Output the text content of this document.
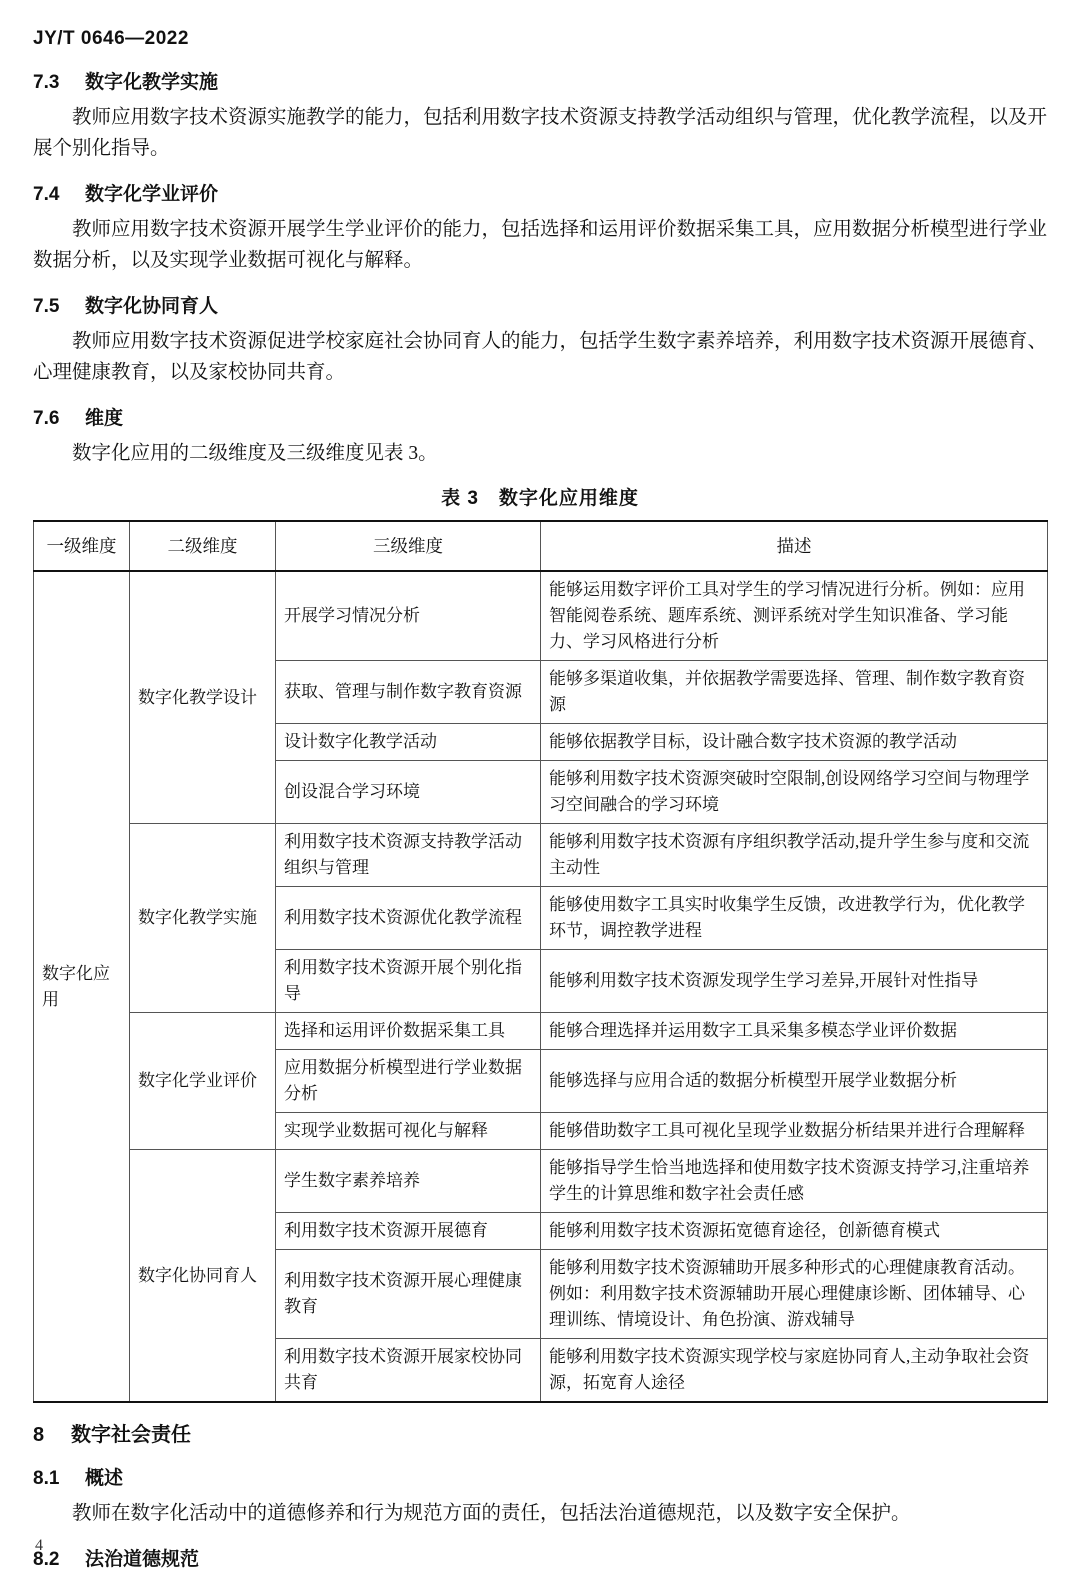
JY/T 0646—2022
7.3 数字化教学实施

教师应用数字技术资源实施教学的能力，包括利用数字技术资源支持教学活动组织与管理，优化教学流程，以及开展个别化指导。

7.4 数字化学业评价

教师应用数字技术资源开展学生学业评价的能力，包括选择和运用评价数据采集工具，应用数据分析模型进行学业数据分析，以及实现学业数据可视化与解释。

7.5 数字化协同育人

教师应用数字技术资源促进学校家庭社会协同育人的能力，包括学生数字素养培养，利用数字技术资源开展德育、心理健康教育，以及家校协同共育。

7.6 维度

数字化应用的二级维度及三级维度见表 3。

表 3　数字化应用维度
一级维度	二级维度	三级维度	描述
数字化应用	数字化教学设计	开展学习情况分析	能够运用数字评价工具对学生的学习情况进行分析。例如：应用智能阅卷系统、题库系统、测评系统对学生知识准备、学习能力、学习风格进行分析
		获取、管理与制作数字教育资源	能够多渠道收集，并依据教学需要选择、管理、制作数字教育资源
		设计数字化教学活动	能够依据教学目标，设计融合数字技术资源的教学活动
		创设混合学习环境	能够利用数字技术资源突破时空限制,创设网络学习空间与物理学习空间融合的学习环境
	数字化教学实施	利用数字技术资源支持教学活动组织与管理	能够利用数字技术资源有序组织教学活动,提升学生参与度和交流主动性
		利用数字技术资源优化教学流程	能够使用数字工具实时收集学生反馈，改进教学行为，优化教学环节，调控教学进程
		利用数字技术资源开展个别化指导	能够利用数字技术资源发现学生学习差异,开展针对性指导
	数字化学业评价	选择和运用评价数据采集工具	能够合理选择并运用数字工具采集多模态学业评价数据
		应用数据分析模型进行学业数据分析	能够选择与应用合适的数据分析模型开展学业数据分析
		实现学业数据可视化与解释	能够借助数字工具可视化呈现学业数据分析结果并进行合理解释
	数字化协同育人	学生数字素养培养	能够指导学生恰当地选择和使用数字技术资源支持学习,注重培养学生的计算思维和数字社会责任感
		利用数字技术资源开展德育	能够利用数字技术资源拓宽德育途径，创新德育模式
		利用数字技术资源开展心理健康教育	能够利用数字技术资源辅助开展多种形式的心理健康教育活动。例如：利用数字技术资源辅助开展心理健康诊断、团体辅导、心理训练、情境设计、角色扮演、游戏辅导
		利用数字技术资源开展家校协同共育	能够利用数字技术资源实现学校与家庭协同育人,主动争取社会资源，拓宽育人途径
8 数字社会责任
8.1 概述

教师在数字化活动中的道德修养和行为规范方面的责任，包括法治道德规范，以及数字安全保护。

8.2 法治道德规范
4
